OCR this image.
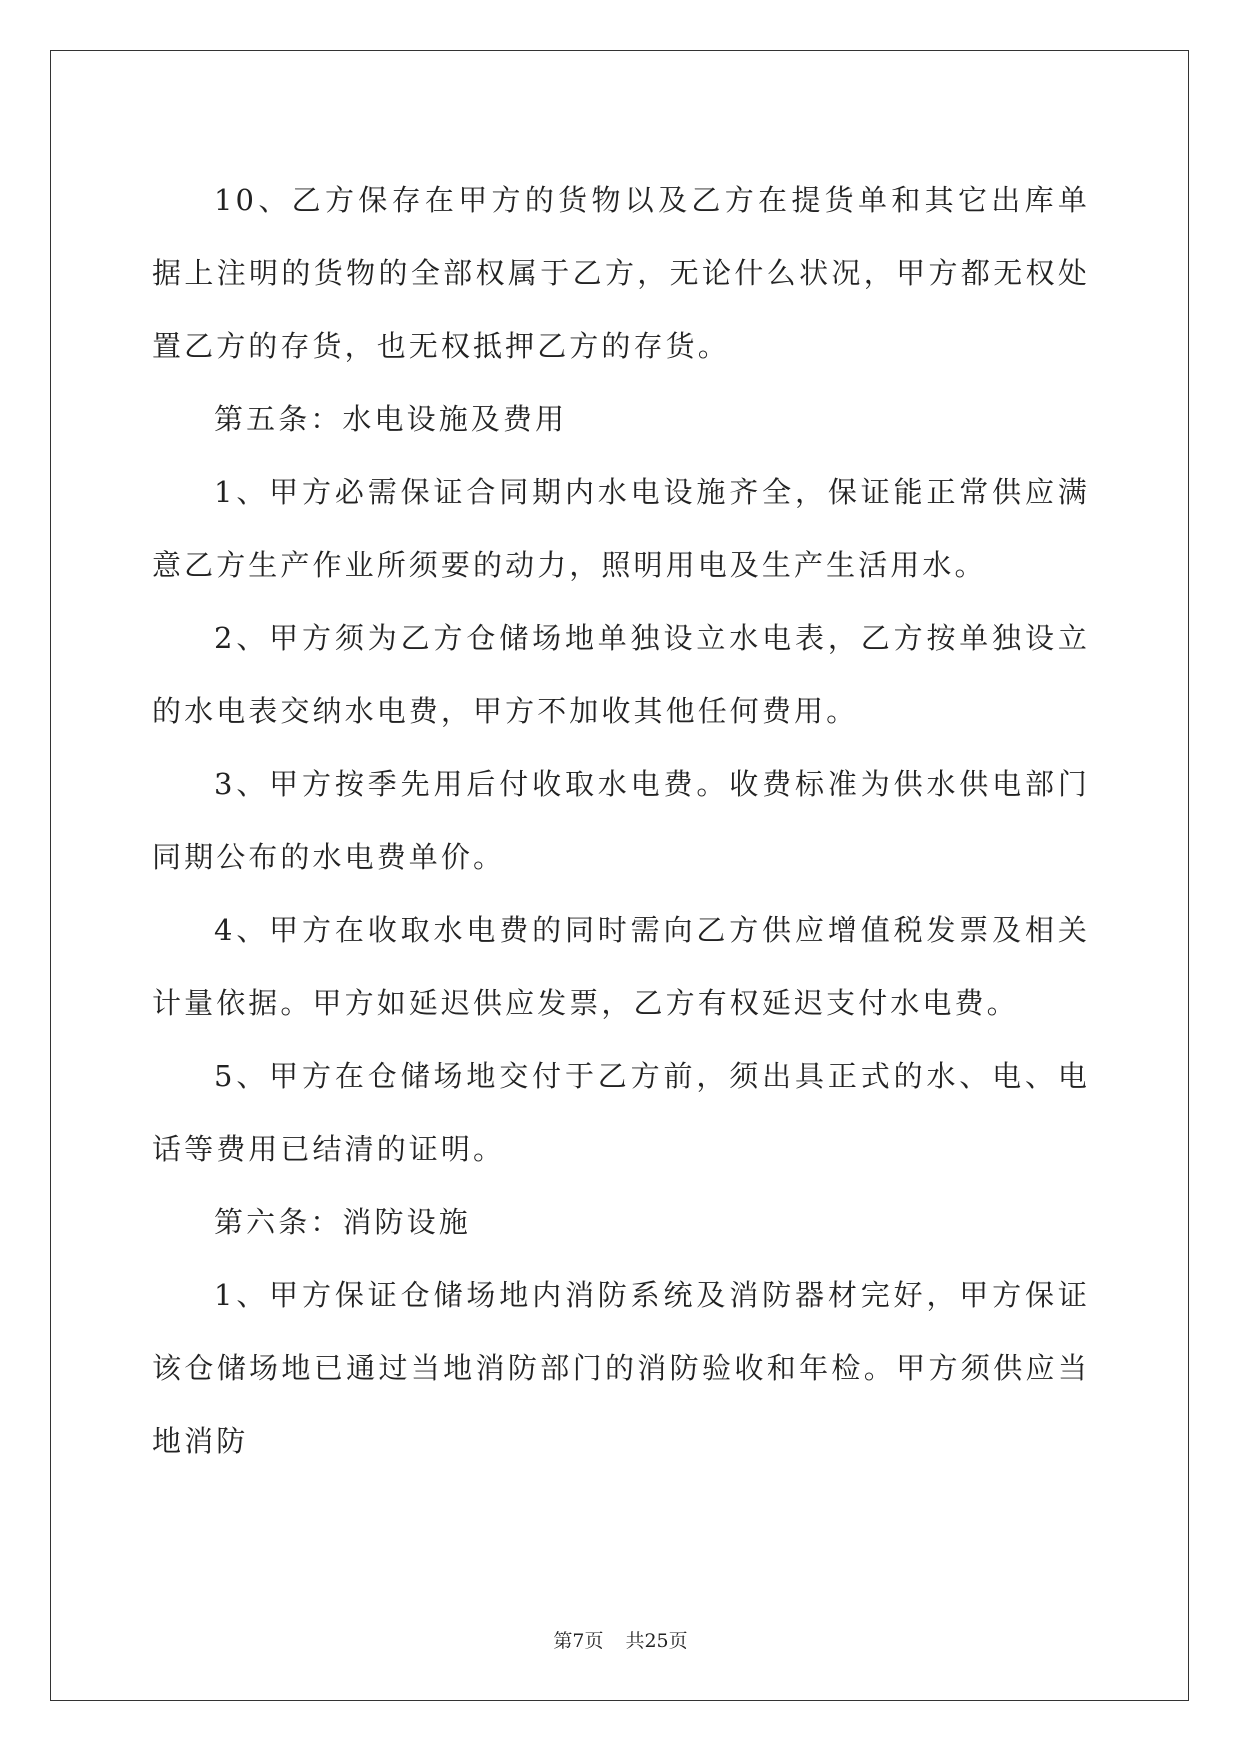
10、乙方保存在甲方的货物以及乙方在提货单和其它出库单据上注明的货物的全部权属于乙方，无论什么状况，甲方都无权处置乙方的存货，也无权抵押乙方的存货。

第五条：水电设施及费用

1、甲方必需保证合同期内水电设施齐全，保证能正常供应满意乙方生产作业所须要的动力，照明用电及生产生活用水。

2、甲方须为乙方仓储场地单独设立水电表，乙方按单独设立的水电表交纳水电费，甲方不加收其他任何费用。

3、甲方按季先用后付收取水电费。收费标准为供水供电部门同期公布的水电费单价。

4、甲方在收取水电费的同时需向乙方供应增值税发票及相关计量依据。甲方如延迟供应发票，乙方有权延迟支付水电费。

5、甲方在仓储场地交付于乙方前，须出具正式的水、电、电话等费用已结清的证明。

第六条：消防设施

1、甲方保证仓储场地内消防系统及消防器材完好，甲方保证该仓储场地已通过当地消防部门的消防验收和年检。甲方须供应当地消防

第7页 共25页
